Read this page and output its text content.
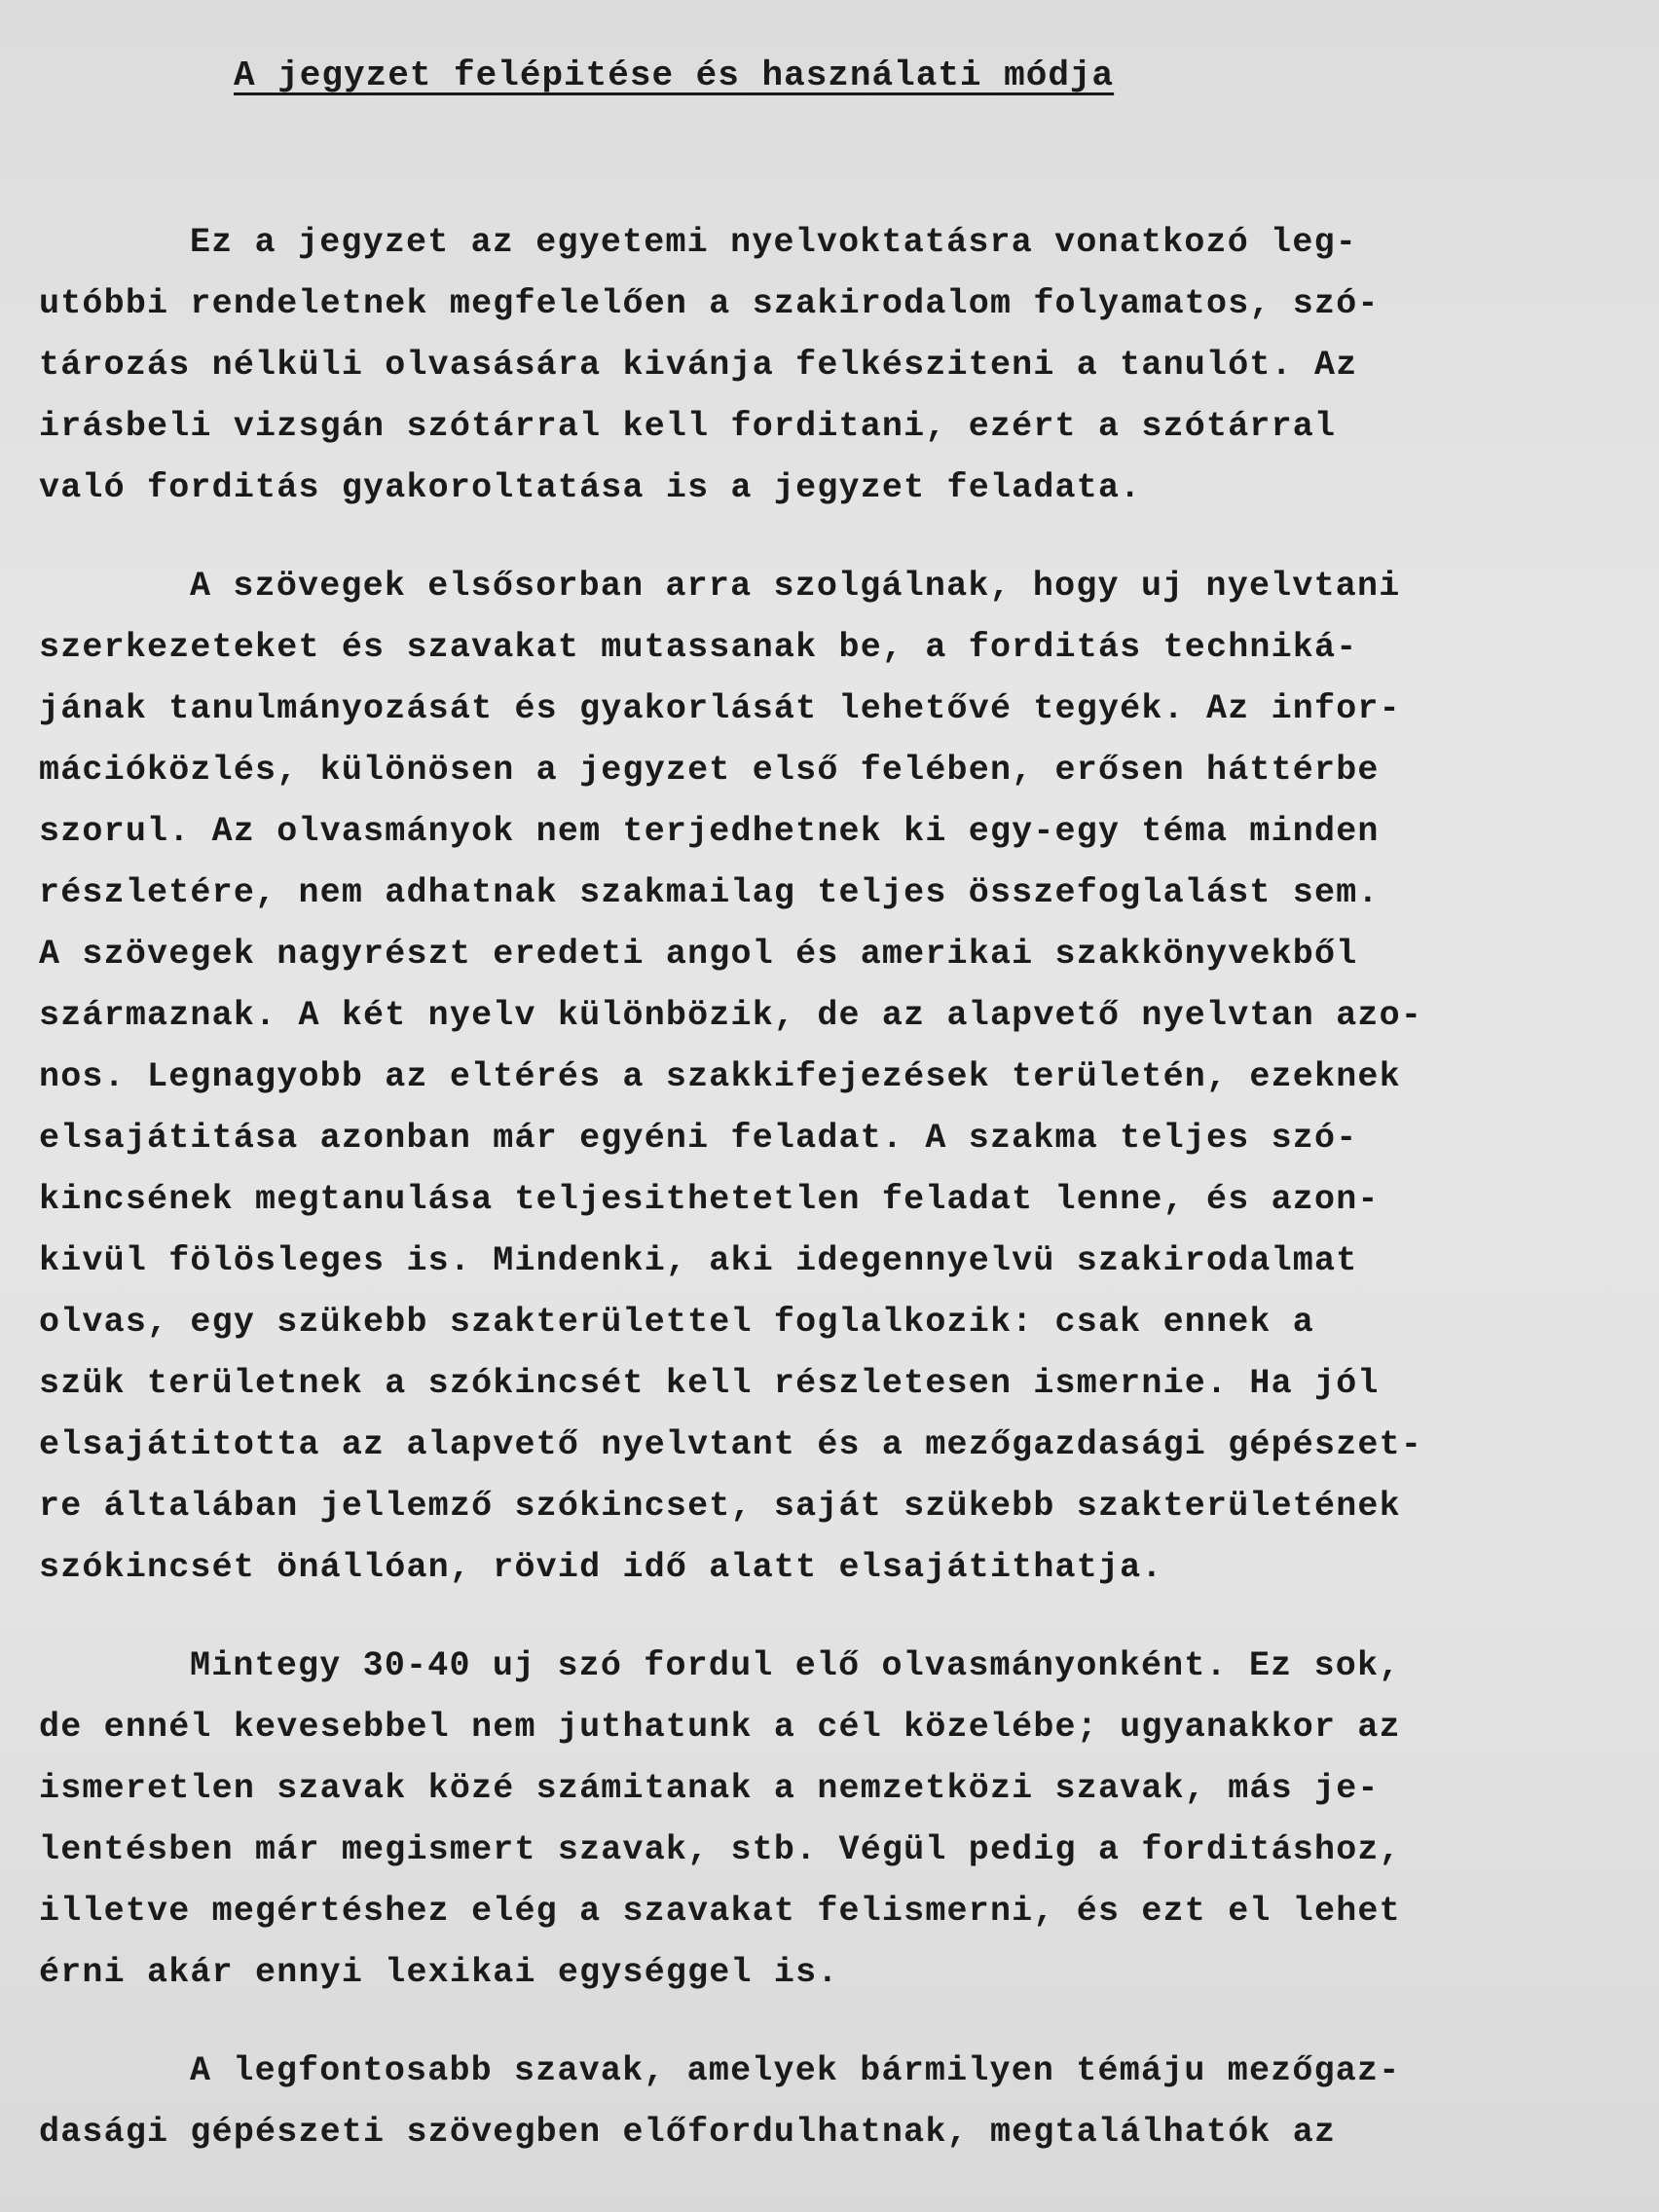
A jegyzet felépitése és használati módja
Ez a jegyzet az egyetemi nyelvoktatásra vonatkozó leg-
utóbbi rendeletnek megfelelően a szakirodalom folyamatos, szó-
tározás nélküli olvasására kivánja felkésziteni a tanulót. Az
irásbeli vizsgán szótárral kell forditani, ezért a szótárral
való forditás gyakoroltatása is a jegyzet feladata.
A szövegek elsősorban arra szolgálnak, hogy uj nyelvtani
szerkezeteket és szavakat mutassanak be, a forditás techniká-
jának tanulmányozását és gyakorlását lehetővé tegyék. Az infor-
mációközlés, különösen a jegyzet első felében, erősen háttérbe
szorul. Az olvasmányok nem terjedhetnek ki egy-egy téma minden
részletére, nem adhatnak szakmailag teljes összefoglalást sem.
A szövegek nagyrészt eredeti angol és amerikai szakkönyvekből
származnak. A két nyelv különbözik, de az alapvető nyelvtan azo-
nos. Legnagyobb az eltérés a szakkifejezések területén, ezeknek
elsajátitása azonban már egyéni feladat. A szakma teljes szó-
kincsének megtanulása teljesithetetlen feladat lenne, és azon-
kivül fölösleges is. Mindenki, aki idegennyelvü szakirodalmat
olvas, egy szükebb szakterülettel foglalkozik: csak ennek a
szük területnek a szókincsét kell részletesen ismernie. Ha jól
elsajátitotta az alapvető nyelvtant és a mezőgazdasági gépészet-
re általában jellemző szókincset, saját szükebb szakterületének
szókincsét önállóan, rövid idő alatt elsajátithatja.
Mintegy 30-40 uj szó fordul elő olvasmányonként. Ez sok,
de ennél kevesebbel nem juthatunk a cél közelébe; ugyanakkor az
ismeretlen szavak közé számitanak a nemzetközi szavak, más je-
lentésben már megismert szavak, stb. Végül pedig a forditáshoz,
illetve megértéshez elég a szavakat felismerni, és ezt el lehet
érni akár ennyi lexikai egységgel is.
A legfontosabb szavak, amelyek bármilyen témáju mezőgaz-
dasági gépészeti szövegben előfordulhatnak, megtalálhatók az
